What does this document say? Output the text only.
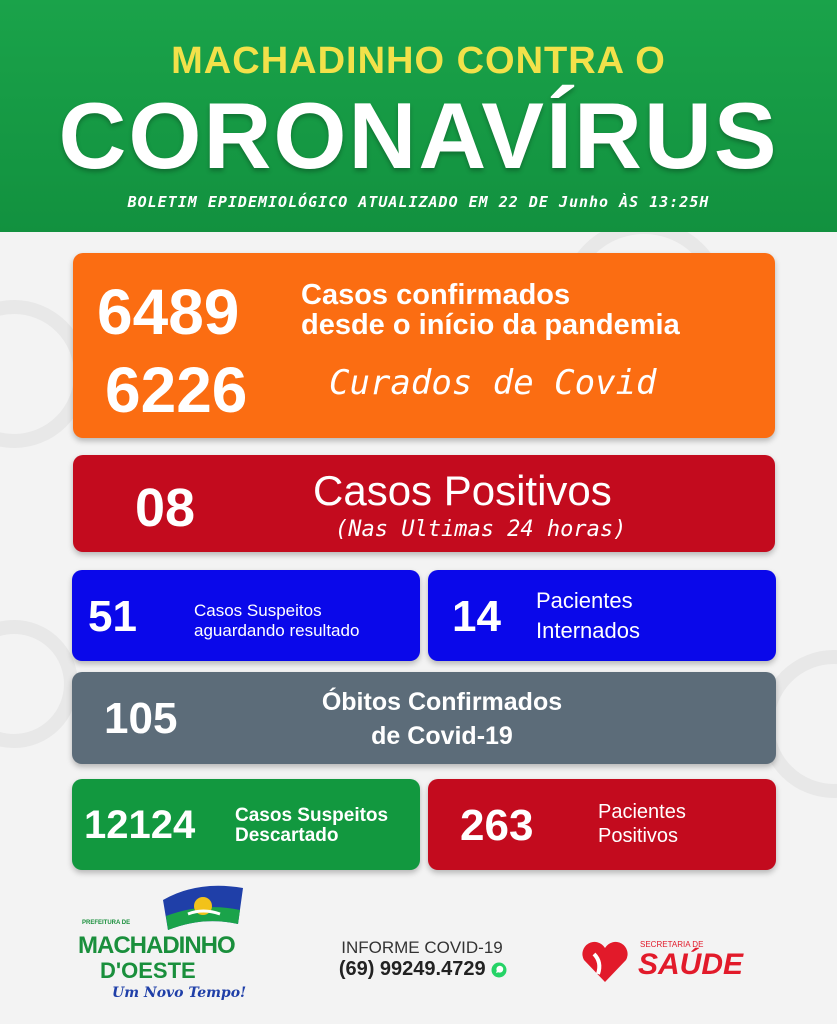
MACHADINHO CONTRA O
CORONAVÍRUS
BOLETIM EPIDEMIOLÓGICO ATUALIZADO EM 22 DE Junho ÀS 13:25H
6489 Casos confirmados
desde o início da pandemia
6226 Curados de Covid
08	Casos Positivos
(Nas Ultimas 24 horas)
51	Casos Suspeitos
aguardando resultado 14 Pacientes
Internados
105	Óbitos Confirmados
de Covid-19
12124 Casos Suspeitos
Descartado	263	Pacientes
Positivos
PREFEITURA DE
MACHADINHO
D'OESTE
Um Novo Tempo!
INFORME COVID-19
(69) 99249.4729
SECRETARIA DE
SAÚDE
